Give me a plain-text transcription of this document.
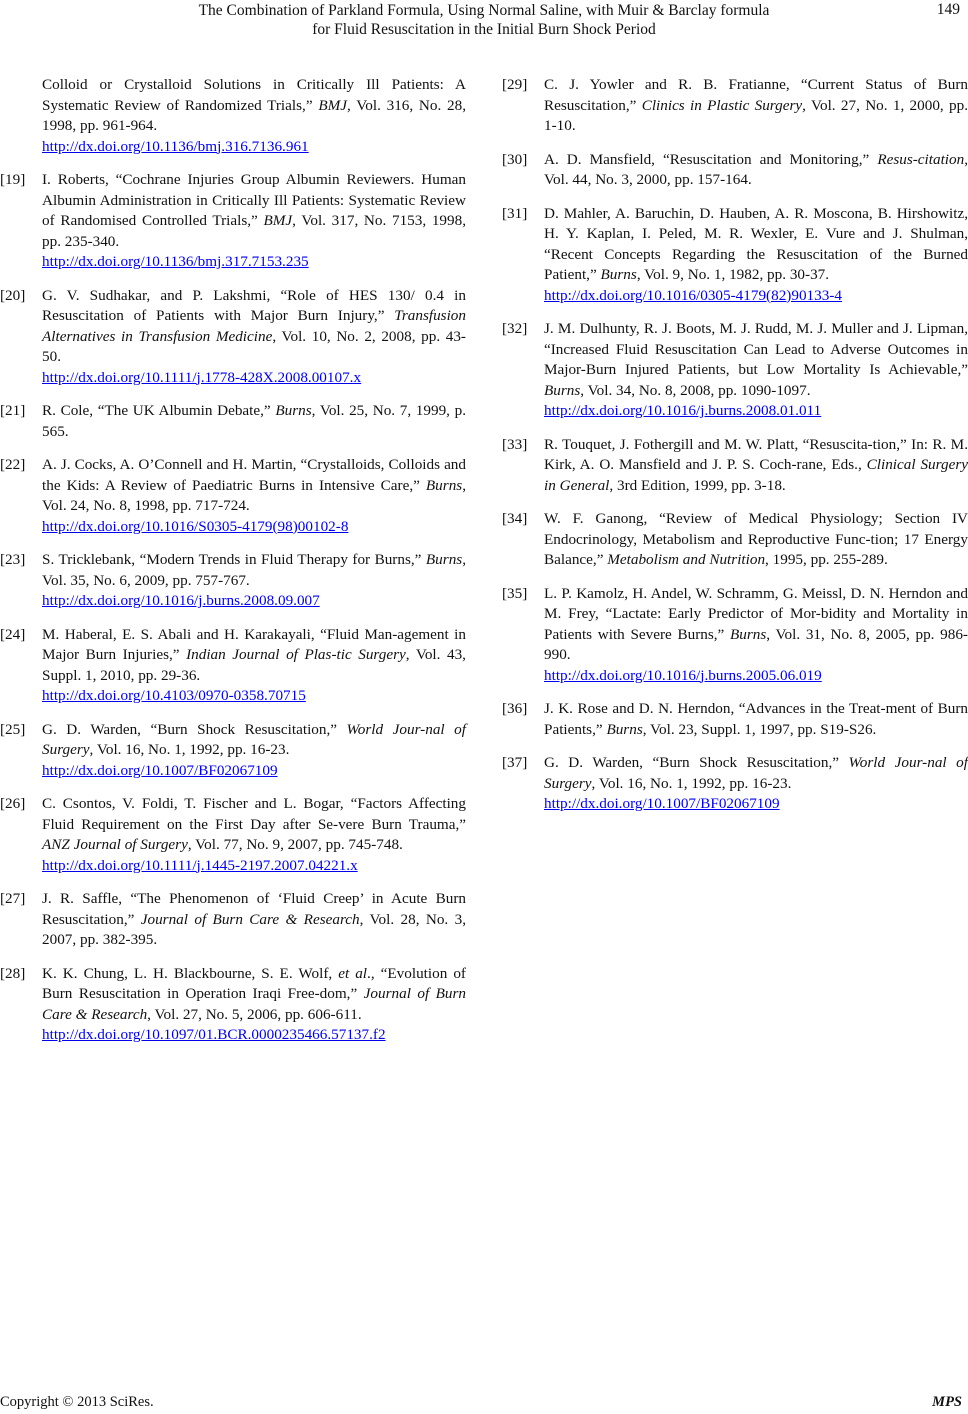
The Combination of Parkland Formula, Using Normal Saline, with Muir & Barclay formula
for Fluid Resuscitation in the Initial Burn Shock Period
149
Colloid or Crystalloid Solutions in Critically Ill Patients: A Systematic Review of Randomized Trials,” BMJ, Vol. 316, No. 28, 1998, pp. 961-964.
http://dx.doi.org/10.1136/bmj.316.7136.961
[19] I. Roberts, “Cochrane Injuries Group Albumin Reviewers. Human Albumin Administration in Critically Ill Patients: Systematic Review of Randomised Controlled Trials,” BMJ, Vol. 317, No. 7153, 1998, pp. 235-340.
http://dx.doi.org/10.1136/bmj.317.7153.235
[20] G. V. Sudhakar, and P. Lakshmi, “Role of HES 130/ 0.4 in Resuscitation of Patients with Major Burn Injury,” Transfusion Alternatives in Transfusion Medicine, Vol. 10, No. 2, 2008, pp. 43-50.
http://dx.doi.org/10.1111/j.1778-428X.2008.00107.x
[21] R. Cole, “The UK Albumin Debate,” Burns, Vol. 25, No. 7, 1999, p. 565.
[22] A. J. Cocks, A. O’Connell and H. Martin, “Crystalloids, Colloids and the Kids: A Review of Paediatric Burns in Intensive Care,” Burns, Vol. 24, No. 8, 1998, pp. 717-724.
http://dx.doi.org/10.1016/S0305-4179(98)00102-8
[23] S. Tricklebank, “Modern Trends in Fluid Therapy for Burns,” Burns, Vol. 35, No. 6, 2009, pp. 757-767.
http://dx.doi.org/10.1016/j.burns.2008.09.007
[24] M. Haberal, E. S. Abali and H. Karakayali, “Fluid Man-agement in Major Burn Injuries,” Indian Journal of Plas-tic Surgery, Vol. 43, Suppl. 1, 2010, pp. 29-36.
http://dx.doi.org/10.4103/0970-0358.70715
[25] G. D. Warden, “Burn Shock Resuscitation,” World Jour-nal of Surgery, Vol. 16, No. 1, 1992, pp. 16-23.
http://dx.doi.org/10.1007/BF02067109
[26] C. Csontos, V. Foldi, T. Fischer and L. Bogar, “Factors Affecting Fluid Requirement on the First Day after Se-vere Burn Trauma,” ANZ Journal of Surgery, Vol. 77, No. 9, 2007, pp. 745-748.
http://dx.doi.org/10.1111/j.1445-2197.2007.04221.x
[27] J. R. Saffle, “The Phenomenon of ‘Fluid Creep’ in Acute Burn Resuscitation,” Journal of Burn Care & Research, Vol. 28, No. 3, 2007, pp. 382-395.
[28] K. K. Chung, L. H. Blackbourne, S. E. Wolf, et al., “Evolution of Burn Resuscitation in Operation Iraqi Free-dom,” Journal of Burn Care & Research, Vol. 27, No. 5, 2006, pp. 606-611.
http://dx.doi.org/10.1097/01.BCR.0000235466.57137.f2
[29] C. J. Yowler and R. B. Fratianne, “Current Status of Burn Resuscitation,” Clinics in Plastic Surgery, Vol. 27, No. 1, 2000, pp. 1-10.
[30] A. D. Mansfield, “Resuscitation and Monitoring,” Resus-citation, Vol. 44, No. 3, 2000, pp. 157-164.
[31] D. Mahler, A. Baruchin, D. Hauben, A. R. Moscona, B. Hirshowitz, H. Y. Kaplan, I. Peled, M. R. Wexler, E. Vure and J. Shulman, “Recent Concepts Regarding the Resuscitation of the Burned Patient,” Burns, Vol. 9, No. 1, 1982, pp. 30-37.
http://dx.doi.org/10.1016/0305-4179(82)90133-4
[32] J. M. Dulhunty, R. J. Boots, M. J. Rudd, M. J. Muller and J. Lipman, “Increased Fluid Resuscitation Can Lead to Adverse Outcomes in Major-Burn Injured Patients, but Low Mortality Is Achievable,” Burns, Vol. 34, No. 8, 2008, pp. 1090-1097.
http://dx.doi.org/10.1016/j.burns.2008.01.011
[33] R. Touquet, J. Fothergill and M. W. Platt, “Resuscita-tion,” In: R. M. Kirk, A. O. Mansfield and J. P. S. Coch-rane, Eds., Clinical Surgery in General, 3rd Edition, 1999, pp. 3-18.
[34] W. F. Ganong, “Review of Medical Physiology; Section IV Endocrinology, Metabolism and Reproductive Func-tion; 17 Energy Balance,” Metabolism and Nutrition, 1995, pp. 255-289.
[35] L. P. Kamolz, H. Andel, W. Schramm, G. Meissl, D. N. Herndon and M. Frey, “Lactate: Early Predictor of Mor-bidity and Mortality in Patients with Severe Burns,” Burns, Vol. 31, No. 8, 2005, pp. 986-990.
http://dx.doi.org/10.1016/j.burns.2005.06.019
[36] J. K. Rose and D. N. Herndon, “Advances in the Treat-ment of Burn Patients,” Burns, Vol. 23, Suppl. 1, 1997, pp. S19-S26.
[37] G. D. Warden, “Burn Shock Resuscitation,” World Jour-nal of Surgery, Vol. 16, No. 1, 1992, pp. 16-23.
http://dx.doi.org/10.1007/BF02067109
Copyright © 2013 SciRes.	MPS
